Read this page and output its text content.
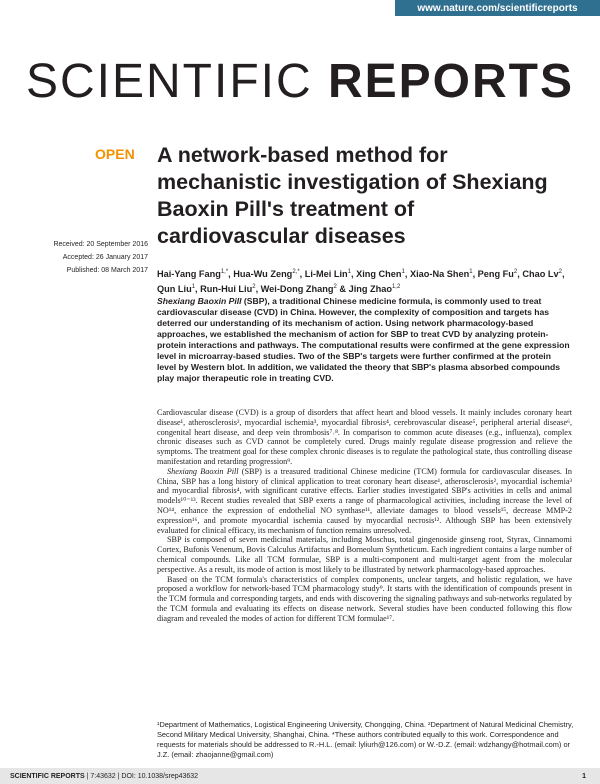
www.nature.com/scientificreports
SCIENTIFIC REPORTS
OPEN A network-based method for mechanistic investigation of Shexiang Baoxin Pill's treatment of cardiovascular diseases
Received: 20 September 2016
Accepted: 26 January 2017
Published: 08 March 2017 Hai-Yang Fang$^{1,*}$, Hua-Wu Zeng$^{2,*}$, Li-Mei Lin$^1$, Xing Chen$^1$, Xiao-Na Shen$^1$, Peng Fu$^2$, Chao Lv$^2$, Qun Liu$^1$, Run-Hui Liu$^2$, Wei-Dong Zhang$^2$ & Jing Zhao$^{1,2}$

Shexiang Baoxin Pill (SBP), a traditional Chinese medicine formula, is commonly used to treat cardiovascular disease (CVD) in China. However, the complexity of composition and targets has deterred our understanding of its mechanism of action. Using network pharmacology-based approaches, we established the mechanism of action for SBP to treat CVD by analyzing protein-protein interactions and pathways. The computational results were confirmed at the gene expression level in microarray-based studies. Two of the SBP's targets were further confirmed at the protein level by Western blot. In addition, we validated the theory that SBP's plasma absorbed compounds play major therapeutic role in treating CVD.

Cardiovascular disease (CVD) is a group of disorders that affect heart and blood vessels. It mainly includes coronary heart disease¹, atherosclerosis², myocardial ischemia³, myocardial fibrosis⁴, cerebrovascular disease⁵, peripheral arterial disease⁶, congenital heart disease, and deep vein thrombosis⁷˒⁸. In comparison to common acute diseases (e.g., influenza), complex chronic diseases such as CVD cannot be completely cured. Drugs mainly regulate disease progression and relieve the symptoms. The treatment goal for these complex chronic diseases is to regulate the pathological state, thus controlling disease manifestation and retarding progression⁹.

Shexiang Baoxin Pill (SBP) is a treasured traditional Chinese medicine (TCM) formula for cardiovascular diseases. In China, SBP has a long history of clinical application to treat coronary heart disease¹, atherosclerosis², myocardial ischemia³ and myocardial fibrosis⁴, with significant curative effects. Earlier studies investigated SBP's activities in cells and animal models¹⁰⁻¹³. Recent studies revealed that SBP exerts a range of pharmacological activities, including increase the level of NO¹⁴, enhance the expression of endothelial NO synthase¹¹, alleviate damages to blood vessels¹⁵, decrease MMP-2 expression¹⁶, and promote myocardial ischemia caused by myocardial necrosis¹². Although SBP has been extensively evaluated for clinical efficacy, its mechanism of function remains unresolved.

SBP is composed of seven medicinal materials, including Moschus, total gingenoside ginseng root, Styrax, Cinnamomi Cortex, Bufonis Venenum, Bovis Calculus Artifactus and Borneolum Syntheticum. Each ingredient contains a large number of chemical compounds. Like all TCM formulae, SBP is a multi-component and multi-target agent from the molecular perspective. As a result, its mode of action is most likely to be illustrated by network pharmacology-based approaches.

Based on the TCM formula's characteristics of complex components, unclear targets, and holistic regulation, we have proposed a workflow for network-based TCM pharmacology study⁹. It starts with the identification of compounds present in the TCM formula and corresponding targets, and ends with discovering the signaling pathways and sub-networks regulated by the TCM formula and evaluating its effects on disease network. Several studies have been conducted following this flow diagram and revealed the modes of action for different TCM formulae¹⁷.

¹Department of Mathematics, Logistical Engineering University, Chongqing, China. ²Department of Natural Medicinal Chemistry, Second Military Medical University, Shanghai, China. *These authors contributed equally to this work. Correspondence and requests for materials should be addressed to R.-H.L. (email: lyliurh@126.com) or W.-D.Z. (email: wdzhangy@hotmail.com) or J.Z. (email: zhaojanne@gmail.com)

SCIENTIFIC REPORTS | 7:43632 | DOI: 10.1038/srep43632	1
